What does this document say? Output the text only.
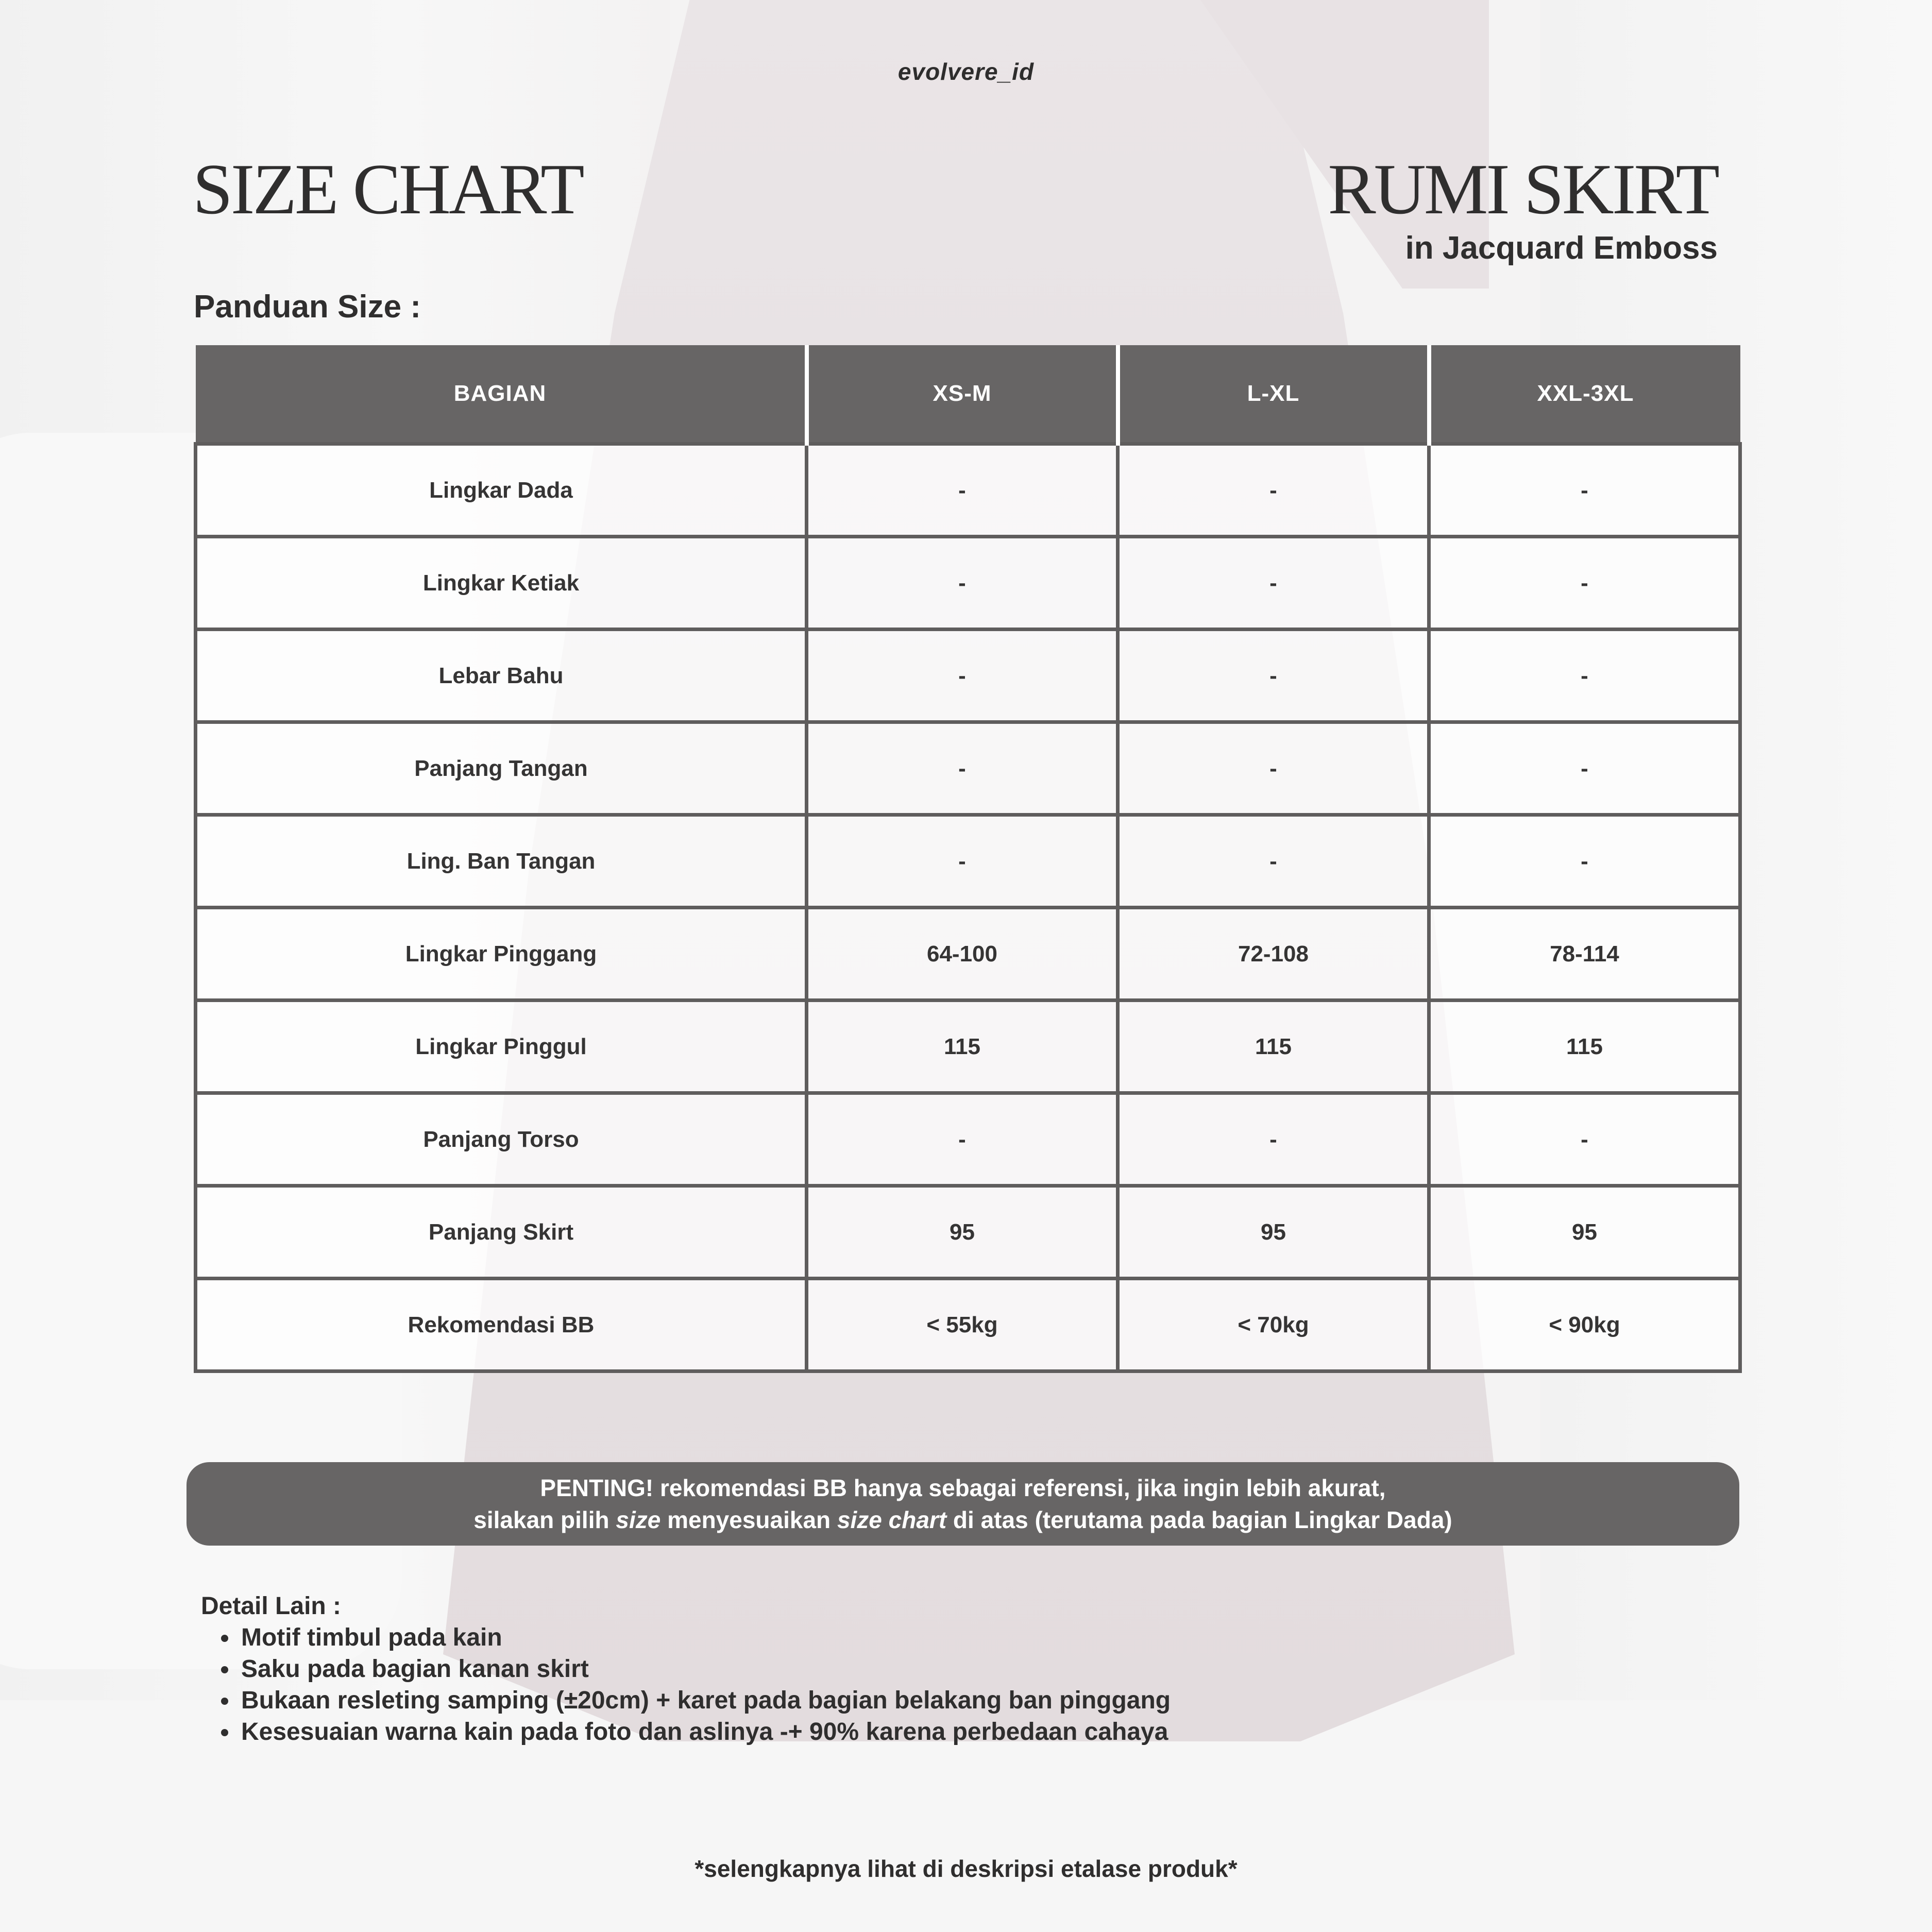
evolvere_id
SIZE CHART	RUMI SKIRT
in Jacquard Emboss
Panduan Size :
BAGIAN	XS-M	L-XL	XXL-3XL
Lingkar Dada	-	-	-
Lingkar Ketiak	-	-	-
Lebar Bahu	-	-	-
Panjang Tangan	-	-	-
Ling. Ban Tangan	-	-	-
Lingkar Pinggang	64-100	72-108	78-114
Lingkar Pinggul	115	115	115
Panjang Torso	-	-	-
Panjang Skirt	95	95	95
Rekomendasi BB	< 55kg	< 70kg	< 90kg
PENTING! rekomendasi BB hanya sebagai referensi, jika ingin lebih akurat,
silakan pilih size menyesuaikan size chart di atas (terutama pada bagian Lingkar Dada)
Detail Lain :
• Motif timbul pada kain
• Saku pada bagian kanan skirt
• Bukaan resleting samping (±20cm) + karet pada bagian belakang ban pinggang
• Kesesuaian warna kain pada foto dan aslinya -+ 90% karena perbedaan cahaya
*selengkapnya lihat di deskripsi etalase produk*
